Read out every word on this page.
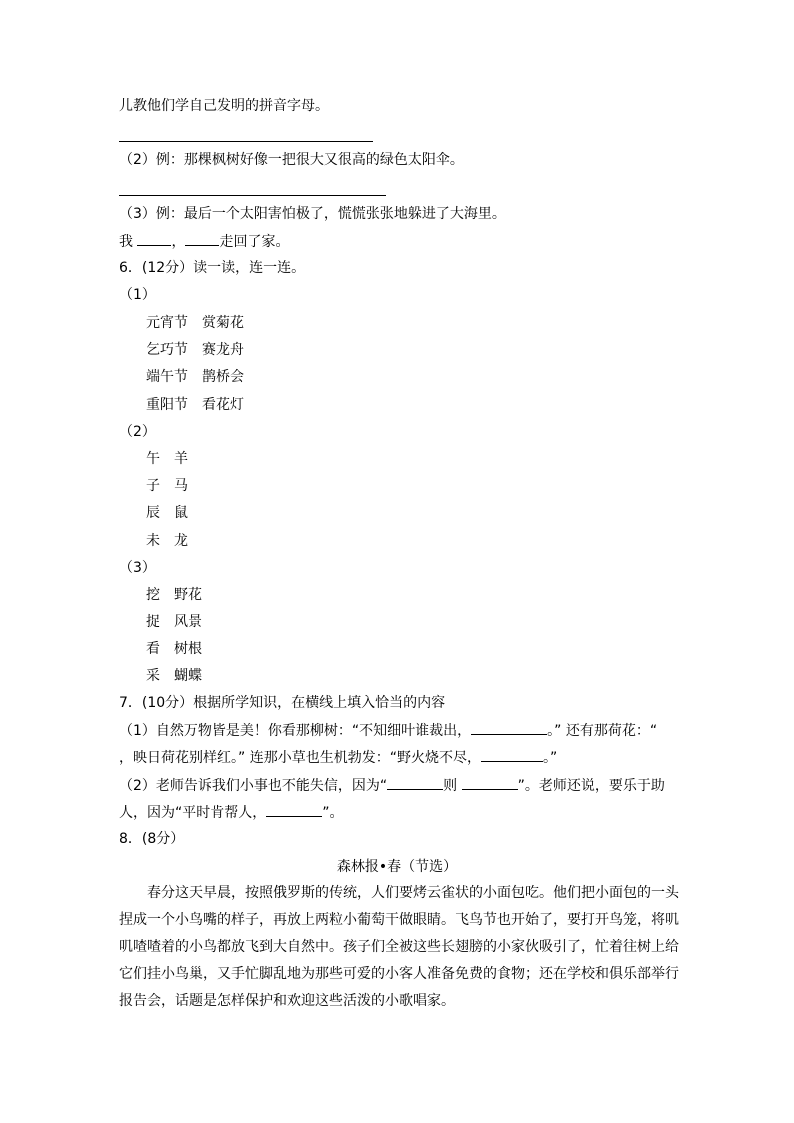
儿教他们学自己发明的拼音字母。
（2）例：那棵枫树好像一把很大又很高的绿色太阳伞。
（3）例：最后一个太阳害怕极了，慌慌张张地躲进了大海里。
我 ， 走回了家。
6．(12分）读一读，连一连。
（1）
元宵节 赏菊花
乞巧节 赛龙舟
端午节 鹊桥会
重阳节 看花灯
（2）
午 羊
子 马
辰 鼠
未 龙
（3）
挖 野花
捉 风景
看 树根
采 蝴蝶
7．(10分）根据所学知识，在横线上填入恰当的内容
（1）自然万物皆是美！你看那柳树：“不知细叶谁裁出，	。” 还有那荷花：“
，映日荷花别样红。” 连那小草也生机勃发：“野火烧不尽，	。”
（2）老师告诉我们小事也不能失信，因为“	则	”。老师还说，要乐于助
人，因为“平时肯帮人，	”。
8．(8分）
森林报•春（节选）
春分这天早晨，按照俄罗斯的传统，人们要烤云雀状的小面包吃。他们把小面包的一头捏成一个小鸟嘴的样子，再放上两粒小葡萄干做眼睛。飞鸟节也开始了，要打开鸟笼，将叽叽喳喳着的小鸟都放飞到大自然中。孩子们全被这些长翅膀的小家伙吸引了，忙着往树上给它们挂小鸟巢，又手忙脚乱地为那些可爱的小客人准备免费的食物；还在学校和俱乐部举行报告会，话题是怎样保护和欢迎这些活泼的小歌唱家。
